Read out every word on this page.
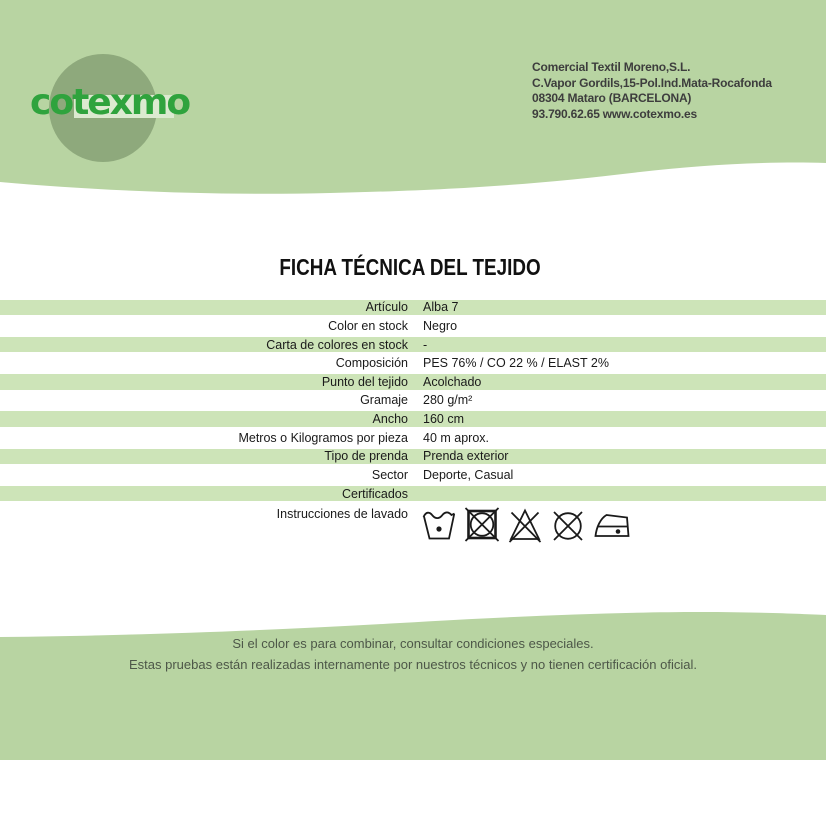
cotexmo
Comercial Textil Moreno,S.L.
C.Vapor Gordils,15-Pol.Ind.Mata-Rocafonda
08304 Mataro (BARCELONA)
93.790.62.65 www.cotexmo.es
FICHA TÉCNICA DEL TEJIDO
Artículo Alba 7
Color en stock Negro
Carta de colores en stock -
Composición PES 76% / CO 22 % / ELAST 2%
Punto del tejido Acolchado
Gramaje 280 g/m²
Ancho 160 cm
Metros o Kilogramos por pieza 40 m aprox.
Tipo de prenda Prenda exterior
Sector Deporte, Casual
Certificados
Instrucciones de lavado
Si el color es para combinar, consultar condiciones especiales.
Estas pruebas están realizadas internamente por nuestros técnicos y no tienen certificación oficial.
